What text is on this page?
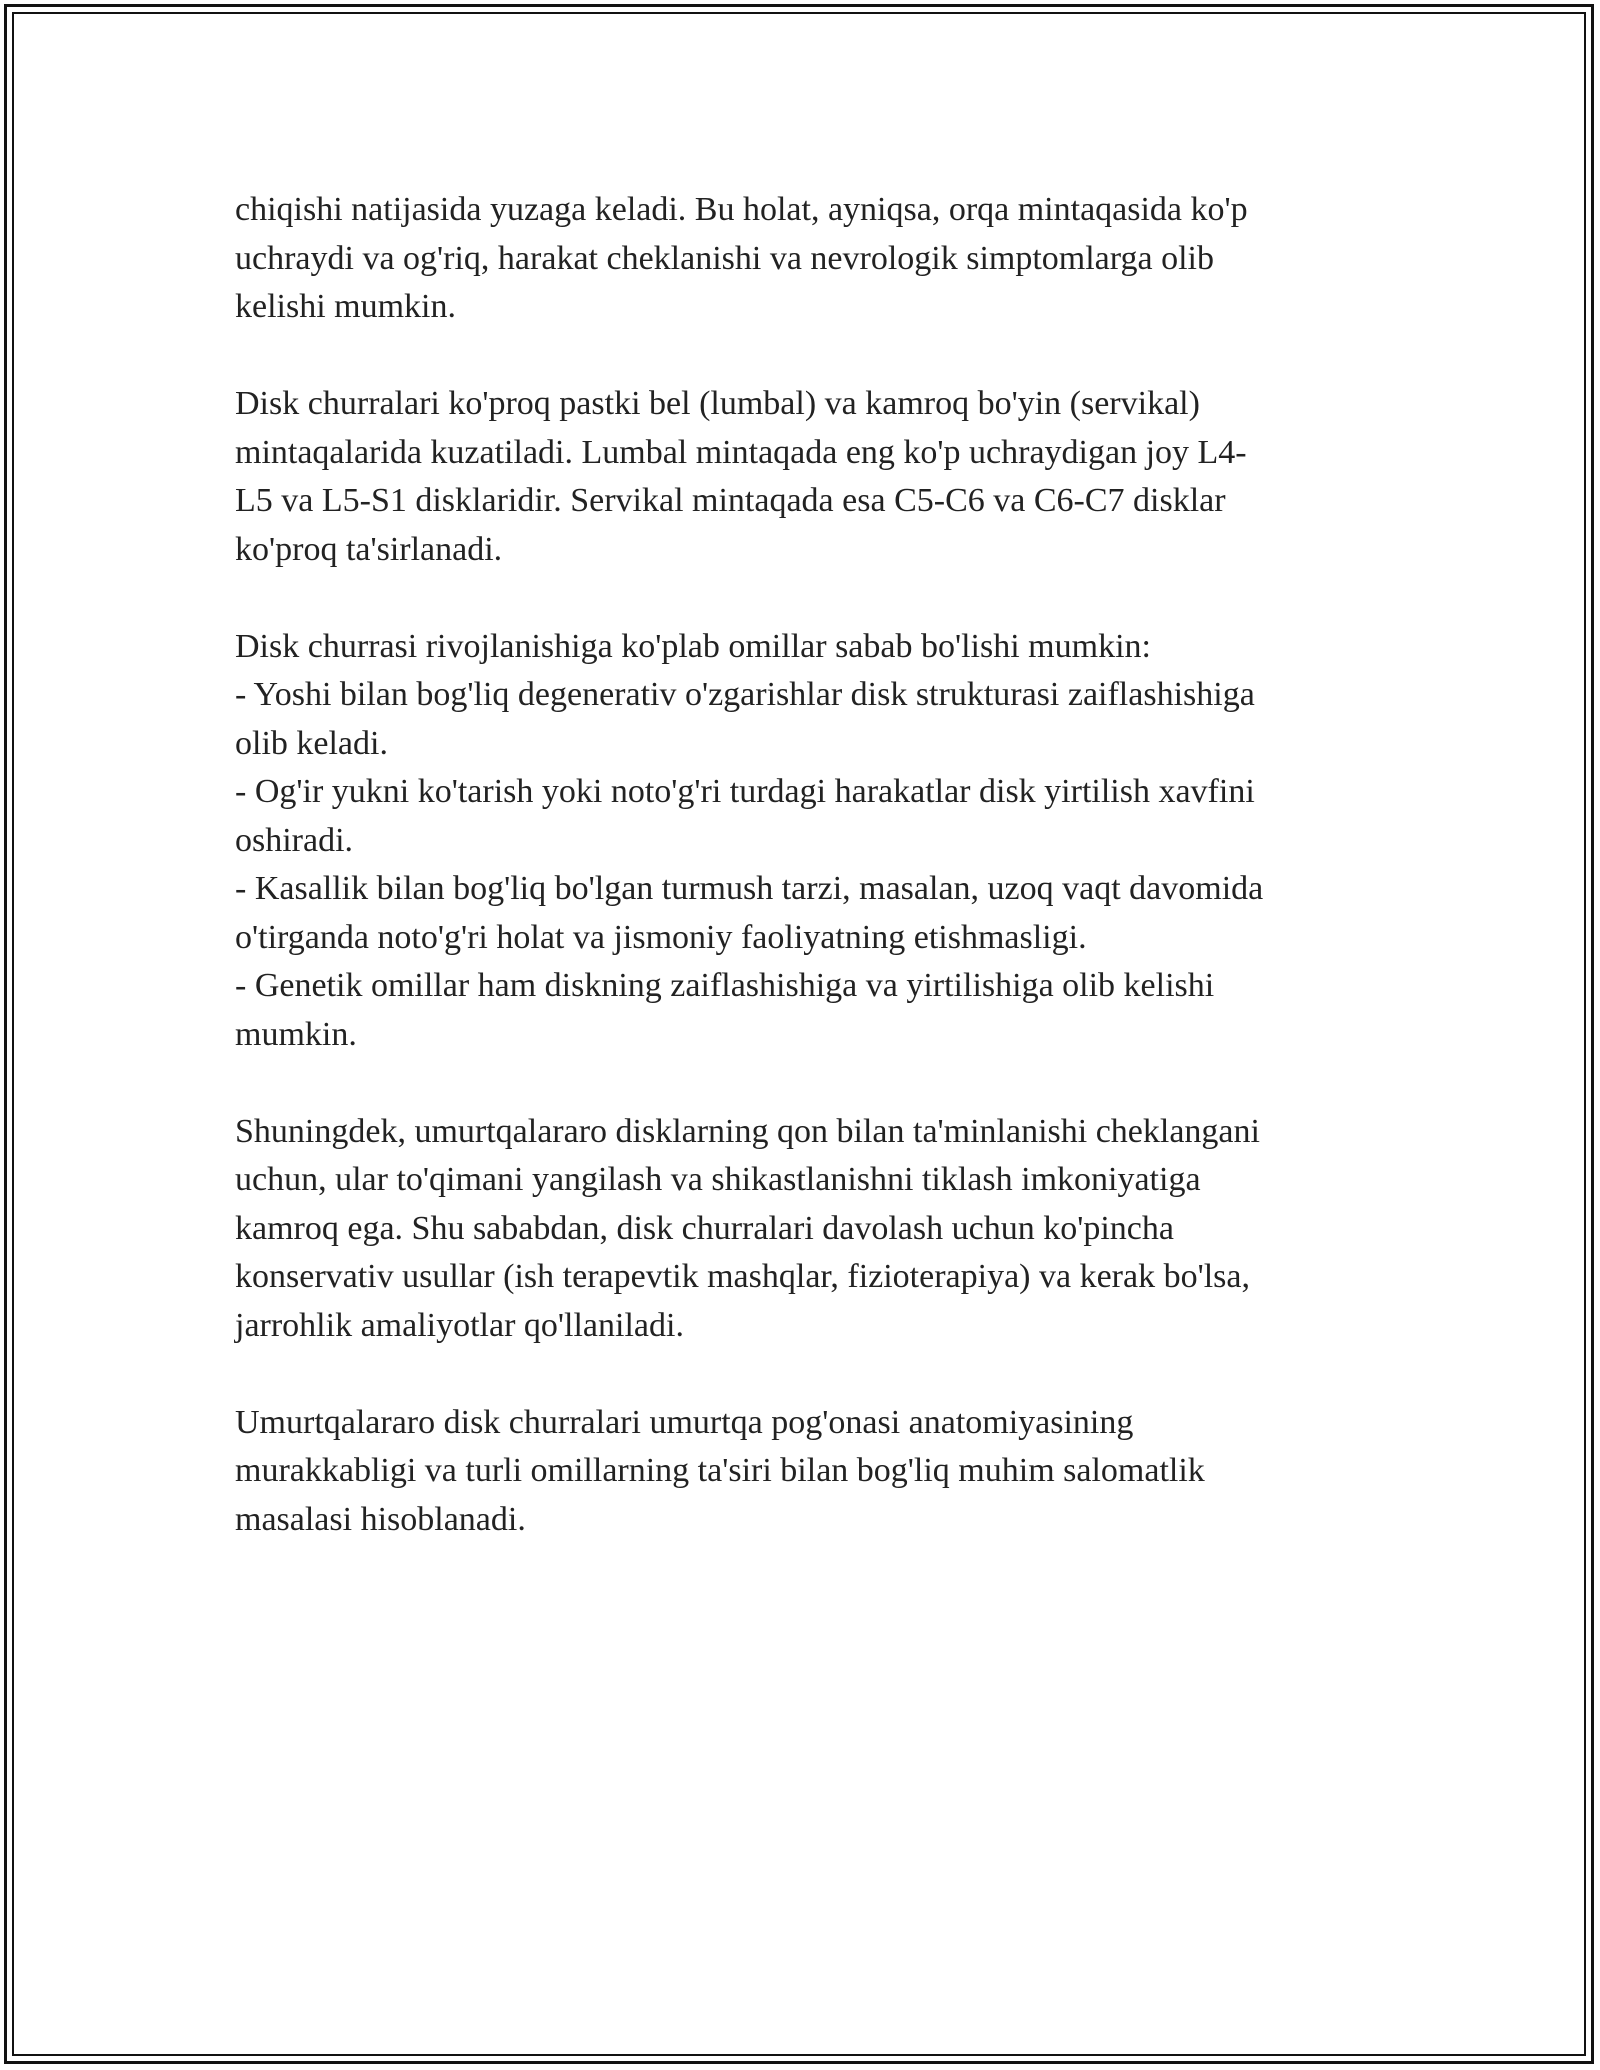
chiqishi natijasida yuzaga keladi. Bu holat, ayniqsa, orqa mintaqasida ko'p
uchraydi va og'riq, harakat cheklanishi va nevrologik simptomlarga olib
kelishi mumkin.

Disk churralari ko'proq pastki bel (lumbal) va kamroq bo'yin (servikal)
mintaqalarida kuzatiladi. Lumbal mintaqada eng ko'p uchraydigan joy L4-
L5 va L5-S1 disklaridir. Servikal mintaqada esa C5-C6 va C6-C7 disklar
ko'proq ta'sirlanadi.

Disk churrasi rivojlanishiga ko'plab omillar sabab bo'lishi mumkin:
- Yoshi bilan bog'liq degenerativ o'zgarishlar disk strukturasi zaiflashishiga
olib keladi.
- Og'ir yukni ko'tarish yoki noto'g'ri turdagi harakatlar disk yirtilish xavfini
oshiradi.
- Kasallik bilan bog'liq bo'lgan turmush tarzi, masalan, uzoq vaqt davomida
o'tirganda noto'g'ri holat va jismoniy faoliyatning etishmasligi.
- Genetik omillar ham diskning zaiflashishiga va yirtilishiga olib kelishi
mumkin.

Shuningdek, umurtqalararo disklarning qon bilan ta'minlanishi cheklangani
uchun, ular to'qimani yangilash va shikastlanishni tiklash imkoniyatiga
kamroq ega. Shu sababdan, disk churralari davolash uchun ko'pincha
konservativ usullar (ish terapevtik mashqlar, fizioterapiya) va kerak bo'lsa,
jarrohlik amaliyotlar qo'llaniladi.

Umurtqalararo disk churralari umurtqa pog'onasi anatomiyasining
murakkabligi va turli omillarning ta'siri bilan bog'liq muhim salomatlik
masalasi hisoblanadi.
